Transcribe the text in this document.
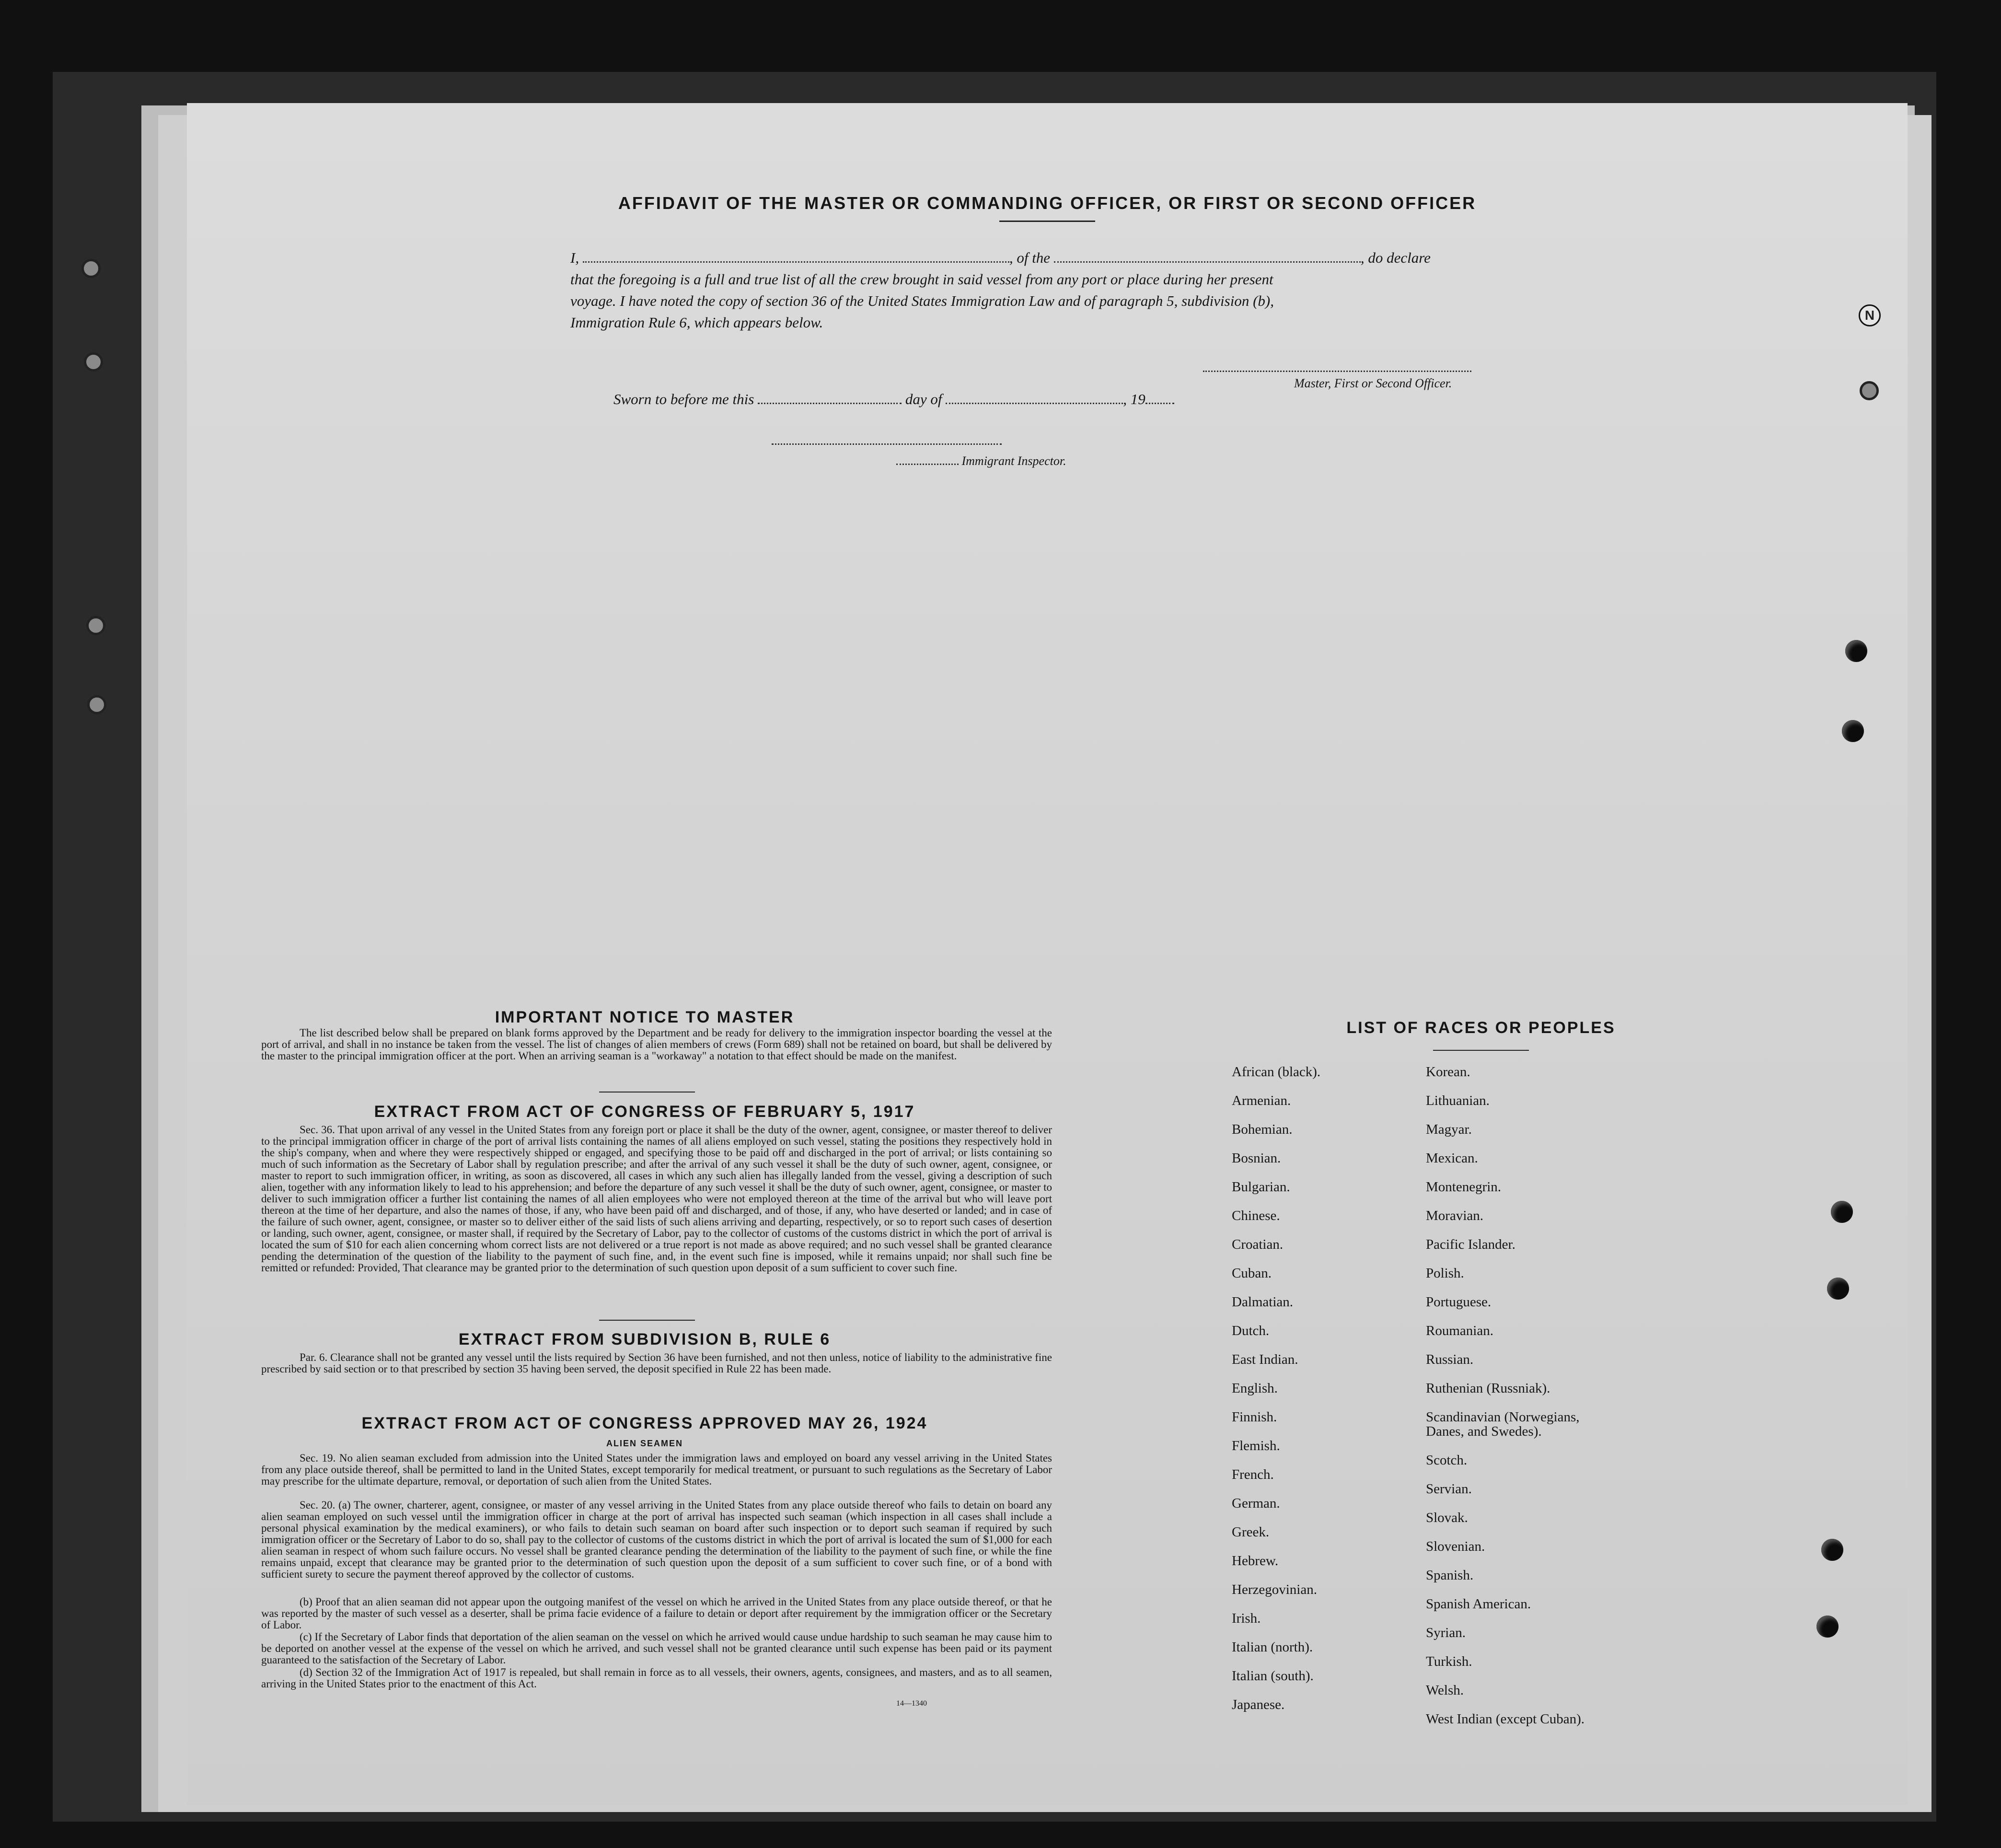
AFFIDAVIT OF THE MASTER OR COMMANDING OFFICER, OR FIRST OR SECOND OFFICER
I,	, of the	, do declare
that the foregoing is a full and true list of all the crew brought in said vessel from any port or place during her present
voyage. I have noted the copy of section 36 of the United States Immigration Law and of paragraph 5, subdivision (b),
Immigration Rule 6, which appears below.
Master, First or Second Officer.
Sworn to before me this	day of	, 19
Immigrant Inspector.
IMPORTANT NOTICE TO MASTER
The list described below shall be prepared on blank forms approved by the Department and be ready for delivery to the immigration inspector boarding the vessel at the port of arrival, and shall in no instance be taken from the vessel. The list of changes of alien members of crews (Form 689) shall not be retained on board, but shall be delivered by the master to the principal immigration officer at the port. When an arriving seaman is a "workaway" a notation to that effect should be made on the manifest.
EXTRACT FROM ACT OF CONGRESS OF FEBRUARY 5, 1917
Sec. 36. That upon arrival of any vessel in the United States from any foreign port or place it shall be the duty of the owner, agent, consignee, or master thereof to deliver to the principal immigration officer in charge of the port of arrival lists containing the names of all aliens employed on such vessel, stating the positions they respectively hold in the ship's company, when and where they were respectively shipped or engaged, and specifying those to be paid off and discharged in the port of arrival; or lists containing so much of such information as the Secretary of Labor shall by regulation prescribe; and after the arrival of any such vessel it shall be the duty of such owner, agent, consignee, or master to report to such immigration officer, in writing, as soon as discovered, all cases in which any such alien has illegally landed from the vessel, giving a description of such alien, together with any information likely to lead to his apprehension; and before the departure of any such vessel it shall be the duty of such owner, agent, consignee, or master to deliver to such immigration officer a further list containing the names of all alien employees who were not employed thereon at the time of the arrival but who will leave port thereon at the time of her departure, and also the names of those, if any, who have been paid off and discharged, and of those, if any, who have deserted or landed; and in case of the failure of such owner, agent, consignee, or master so to deliver either of the said lists of such aliens arriving and departing, respectively, or so to report such cases of desertion or landing, such owner, agent, consignee, or master shall, if required by the Secretary of Labor, pay to the collector of customs of the customs district in which the port of arrival is located the sum of $10 for each alien concerning whom correct lists are not delivered or a true report is not made as above required; and no such vessel shall be granted clearance pending the determination of the question of the liability to the payment of such fine, and, in the event such fine is imposed, while it remains unpaid; nor shall such fine be remitted or refunded: Provided, That clearance may be granted prior to the determination of such question upon deposit of a sum sufficient to cover such fine.
EXTRACT FROM SUBDIVISION B, RULE 6
Par. 6. Clearance shall not be granted any vessel until the lists required by Section 36 have been furnished, and not then unless, notice of liability to the administrative fine prescribed by said section or to that prescribed by section 35 having been served, the deposit specified in Rule 22 has been made.
EXTRACT FROM ACT OF CONGRESS APPROVED MAY 26, 1924
ALIEN SEAMEN
Sec. 19. No alien seaman excluded from admission into the United States under the immigration laws and employed on board any vessel arriving in the United States from any place outside thereof, shall be permitted to land in the United States, except temporarily for medical treatment, or pursuant to such regulations as the Secretary of Labor may prescribe for the ultimate departure, removal, or deportation of such alien from the United States.
Sec. 20. (a) The owner, charterer, agent, consignee, or master of any vessel arriving in the United States from any place outside thereof who fails to detain on board any alien seaman employed on such vessel until the immigration officer in charge at the port of arrival has inspected such seaman (which inspection in all cases shall include a personal physical examination by the medical examiners), or who fails to detain such seaman on board after such inspection or to deport such seaman if required by such immigration officer or the Secretary of Labor to do so, shall pay to the collector of customs of the customs district in which the port of arrival is located the sum of $1,000 for each alien seaman in respect of whom such failure occurs. No vessel shall be granted clearance pending the determination of the liability to the payment of such fine, or while the fine remains unpaid, except that clearance may be granted prior to the determination of such question upon the deposit of a sum sufficient to cover such fine, or of a bond with sufficient surety to secure the payment thereof approved by the collector of customs.
(b) Proof that an alien seaman did not appear upon the outgoing manifest of the vessel on which he arrived in the United States from any place outside thereof, or that he was reported by the master of such vessel as a deserter, shall be prima facie evidence of a failure to detain or deport after requirement by the immigration officer or the Secretary of Labor.
(c) If the Secretary of Labor finds that deportation of the alien seaman on the vessel on which he arrived would cause undue hardship to such seaman he may cause him to be deported on another vessel at the expense of the vessel on which he arrived, and such vessel shall not be granted clearance until such expense has been paid or its payment guaranteed to the satisfaction of the Secretary of Labor.
(d) Section 32 of the Immigration Act of 1917 is repealed, but shall remain in force as to all vessels, their owners, agents, consignees, and masters, and as to all seamen, arriving in the United States prior to the enactment of this Act.
14—1340
LIST OF RACES OR PEOPLES
African (black).
Armenian.
Bohemian.
Bosnian.
Bulgarian.
Chinese.
Croatian.
Cuban.
Dalmatian.
Dutch.
East Indian.
English.
Finnish.
Flemish.
French.
German.
Greek.
Hebrew.
Herzegovinian.
Irish.
Italian (north).
Italian (south).
Japanese.
Korean.
Lithuanian.
Magyar.
Mexican.
Montenegrin.
Moravian.
Pacific Islander.
Polish.
Portuguese.
Roumanian.
Russian.
Ruthenian (Russniak).
Scandinavian (Norwegians,
Danes, and Swedes).
Scotch.
Servian.
Slovak.
Slovenian.
Spanish.
Spanish American.
Syrian.
Turkish.
Welsh.
West Indian (except Cuban).
N
